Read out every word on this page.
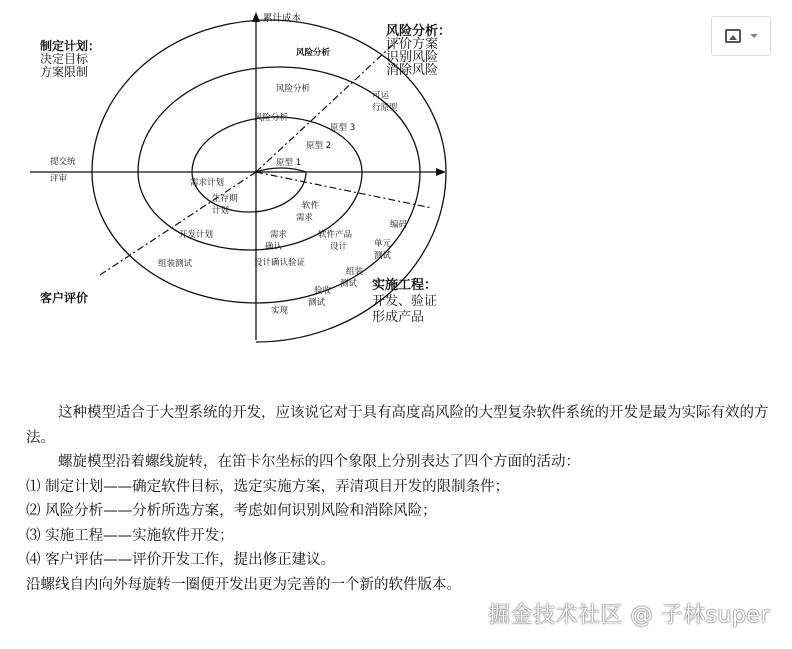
累计成本
制定计划：
决定目标
方案限制
风险分析：
评价方案
识别风险
消除风险
实施工程：
开发、验证
形成产品
客户评价
风险分析
风险分析
风险分析
可运
行原型
原型 3
原型 2
原型 1
提交统
评审	需求计划
生存期
计划	软件
需求
开发计划	需求
确认
软件产品
设计
编码
单元
测试
组装测试	设计确认验证
组装
测试
验收
测试
实现

这种模型适合于大型系统的开发，应该说它对于具有高度高风险的大型复杂软件系统的开发是最为实际有效的方法。

螺旋模型沿着螺线旋转，在笛卡尔坐标的四个象限上分别表达了四个方面的活动：

⑴ 制定计划——确定软件目标，选定实施方案，弄清项目开发的限制条件；

⑵ 风险分析——分析所选方案，考虑如何识别风险和消除风险；

⑶ 实施工程——实施软件开发；

⑷ 客户评估——评价开发工作，提出修正建议。

沿螺线自内向外每旋转一圈便开发出更为完善的一个新的软件版本。

掘金技术社区 @ 子林super
